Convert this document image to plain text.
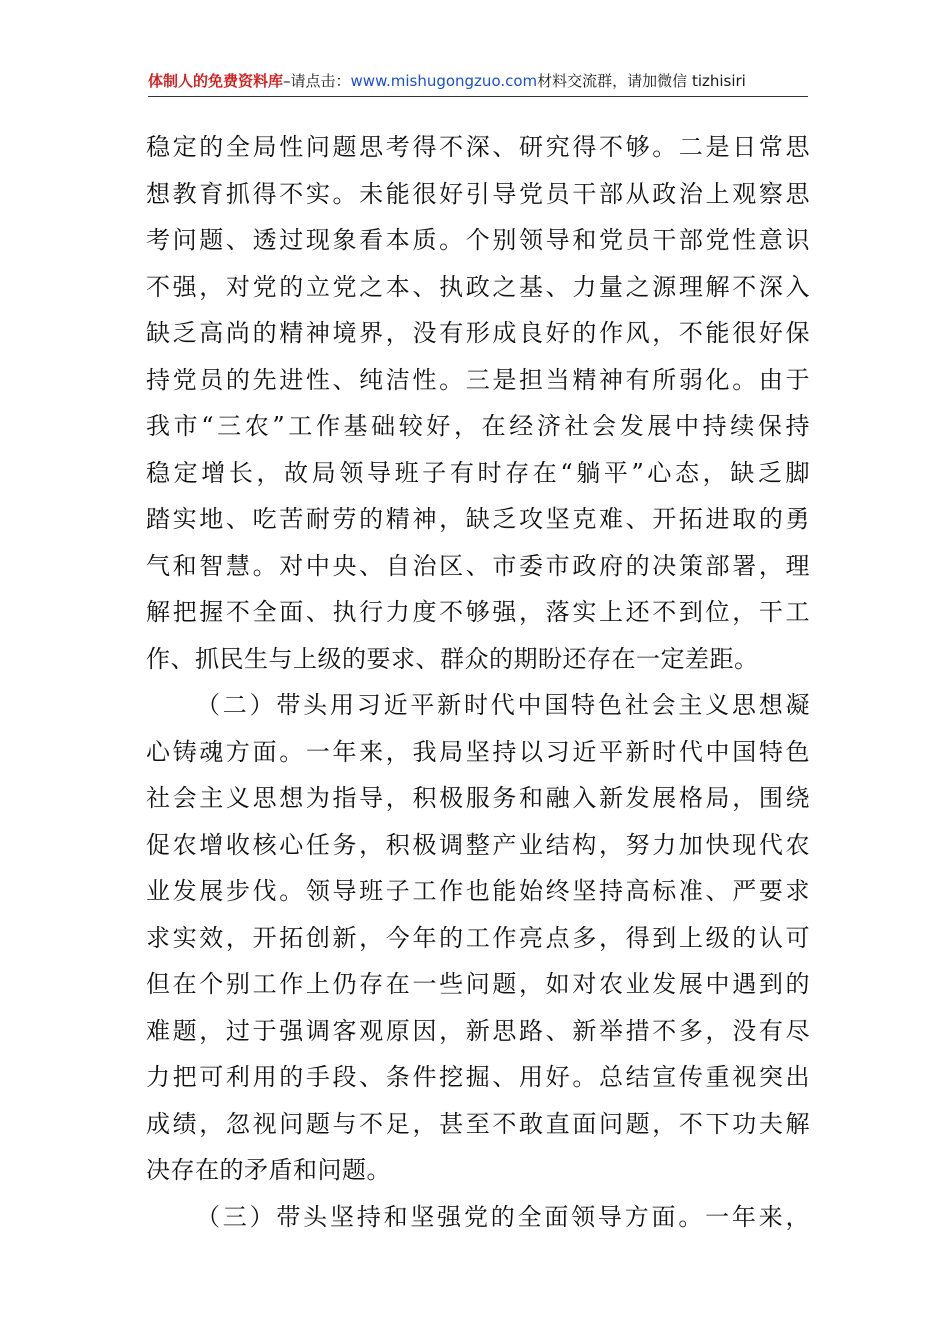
体制人的免费资料库–请点击：www.mishugongzuo.com材料交流群，请加微信 tizhisiri
稳定的全局性问题思考得不深、研究得不够。二是日常思
想教育抓得不实。未能很好引导党员干部从政治上观察思
考问题、透过现象看本质。个别领导和党员干部党性意识
不强，对党的立党之本、执政之基、力量之源理解不深入
缺乏高尚的精神境界，没有形成良好的作风，不能很好保
持党员的先进性、纯洁性。三是担当精神有所弱化。由于
我市“三农”工作基础较好，在经济社会发展中持续保持
稳定增长，故局领导班子有时存在“躺平”心态，缺乏脚
踏实地、吃苦耐劳的精神，缺乏攻坚克难、开拓进取的勇
气和智慧。对中央、自治区、市委市政府的决策部署，理
解把握不全面、执行力度不够强，落实上还不到位，干工
作、抓民生与上级的要求、群众的期盼还存在一定差距。
（二）带头用习近平新时代中国特色社会主义思想凝
心铸魂方面。一年来，我局坚持以习近平新时代中国特色
社会主义思想为指导，积极服务和融入新发展格局，围绕
促农增收核心任务，积极调整产业结构，努力加快现代农
业发展步伐。领导班子工作也能始终坚持高标准、严要求
求实效，开拓创新，今年的工作亮点多，得到上级的认可
但在个别工作上仍存在一些问题，如对农业发展中遇到的
难题，过于强调客观原因，新思路、新举措不多，没有尽
力把可利用的手段、条件挖掘、用好。总结宣传重视突出
成绩，忽视问题与不足，甚至不敢直面问题，不下功夫解
决存在的矛盾和问题。
（三）带头坚持和坚强党的全面领导方面。一年来，
